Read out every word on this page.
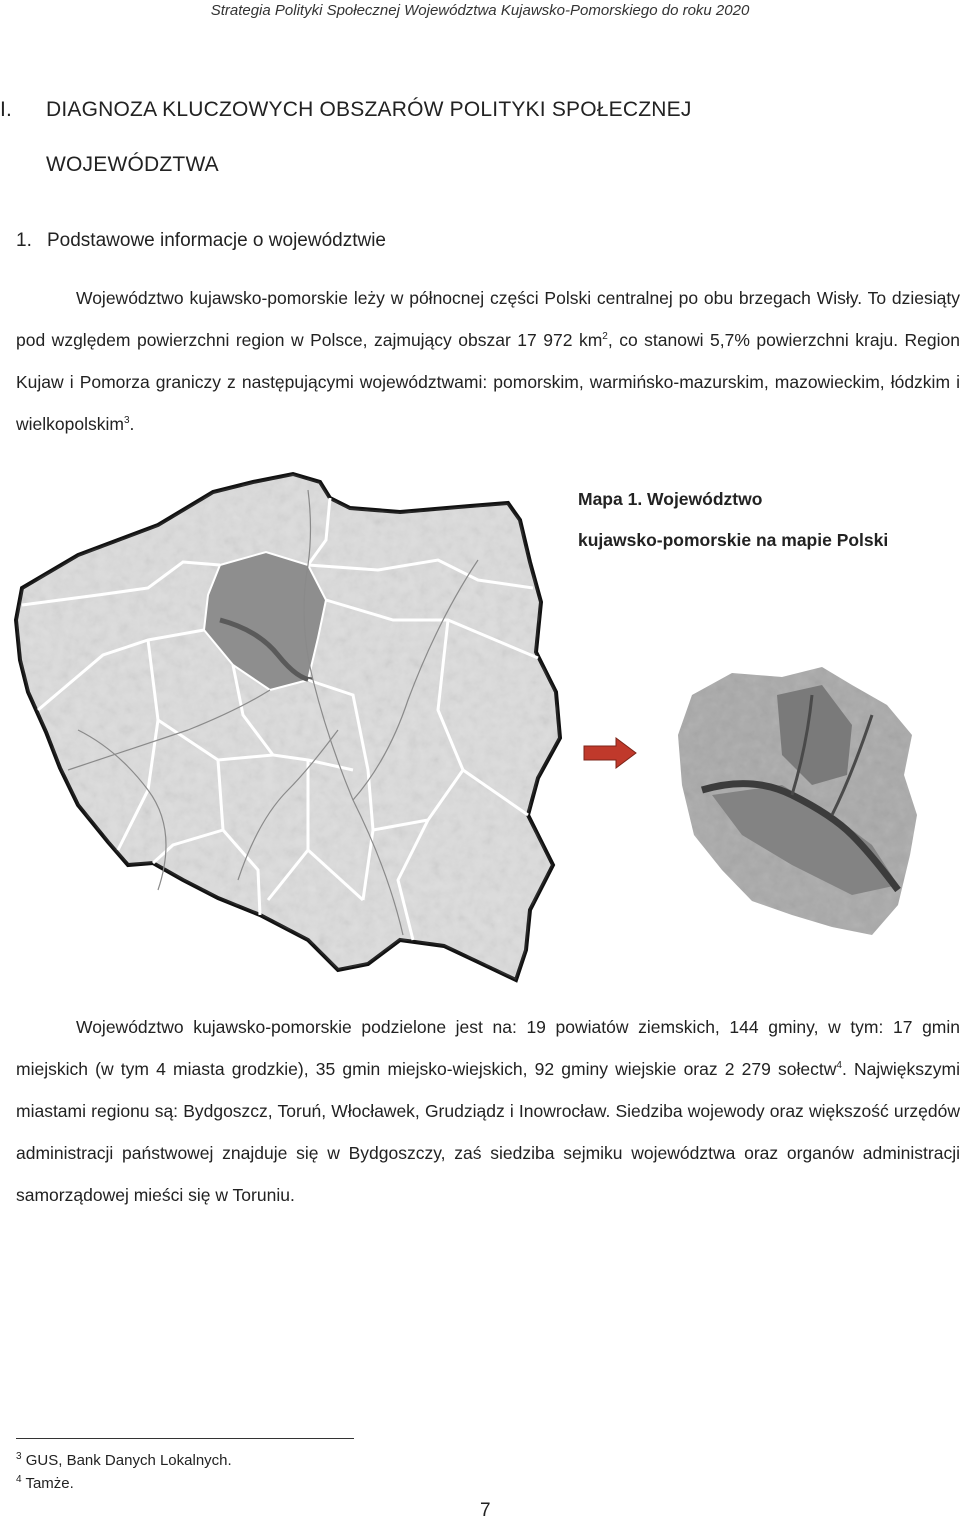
Strategia Polityki Społecznej Województwa Kujawsko-Pomorskiego do roku 2020
I. DIAGNOZA KLUCZOWYCH OBSZARÓW POLITYKI SPOŁECZNEJ
WOJEWÓDZTWA
1. Podstawowe informacje o województwie
Województwo kujawsko-pomorskie leży w północnej części Polski centralnej po obu brzegach Wisły. To dziesiąty pod względem powierzchni region w Polsce, zajmujący obszar 17 972 $km^2$, co stanowi 5,7% powierzchni kraju. Region Kujaw i Pomorza graniczy z następującymi województwami: pomorskim, warmińsko-mazurskim, mazowieckim, łódzkim i wielkopolskim$^3$.
Mapa 1. Województwo
kujawsko-pomorskie na mapie Polski
Województwo kujawsko-pomorskie podzielone jest na: 19 powiatów ziemskich, 144 gminy, w tym: 17 gmin miejskich (w tym 4 miasta grodzkie), 35 gmin miejsko-wiejskich, 92 gminy wiejskie oraz 2 279 sołectw$^4$. Największymi miastami regionu są: Bydgoszcz, Toruń, Włocławek, Grudziądz i Inowrocław. Siedziba wojewody oraz większość urzędów administracji państwowej znajduje się w Bydgoszczy, zaś siedziba sejmiku województwa oraz organów administracji samorządowej mieści się w Toruniu.
$^3$ GUS, Bank Danych Lokalnych.
$^4$ Tamże.
7
